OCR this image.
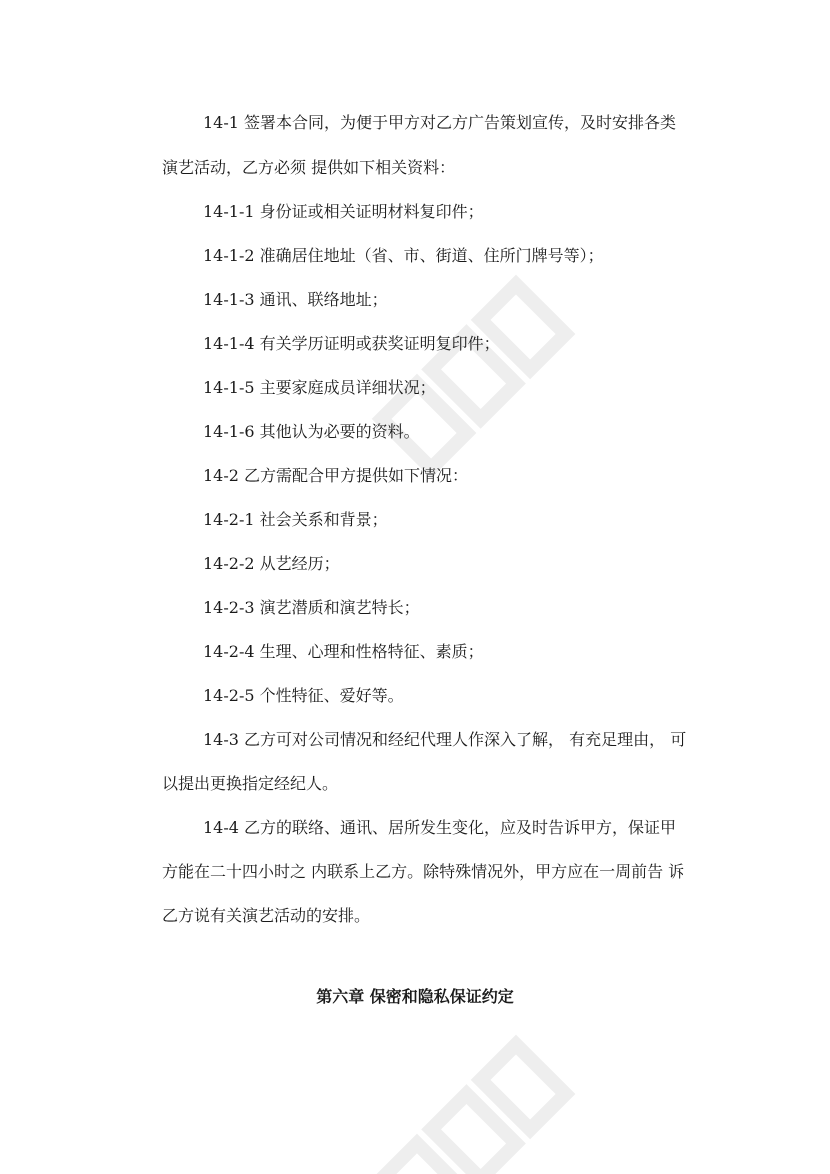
14-1 签署本合同，为便于甲方对乙方广告策划宣传，及时安排各类
演艺活动，乙方必须 提供如下相关资料：
14-1-1 身份证或相关证明材料复印件；
14-1-2 准确居住地址（省、市、街道、住所门牌号等）；
14-1-3 通讯、联络地址；
14-1-4 有关学历证明或获奖证明复印件；
14-1-5 主要家庭成员详细状况；
14-1-6 其他认为必要的资料。
14-2 乙方需配合甲方提供如下情况：
14-2-1 社会关系和背景；
14-2-2 从艺经历；
14-2-3 演艺潜质和演艺特长；
14-2-4 生理、心理和性格特征、素质；
14-2-5 个性特征、爱好等。
14-3 乙方可对公司情况和经纪代理人作深入了解， 有充足理由， 可
以提出更换指定经纪人。
14-4 乙方的联络、通讯、居所发生变化，应及时告诉甲方，保证甲
方能在二十四小时之 内联系上乙方。除特殊情况外，甲方应在一周前告 诉
乙方说有关演艺活动的安排。
第六章 保密和隐私保证约定
